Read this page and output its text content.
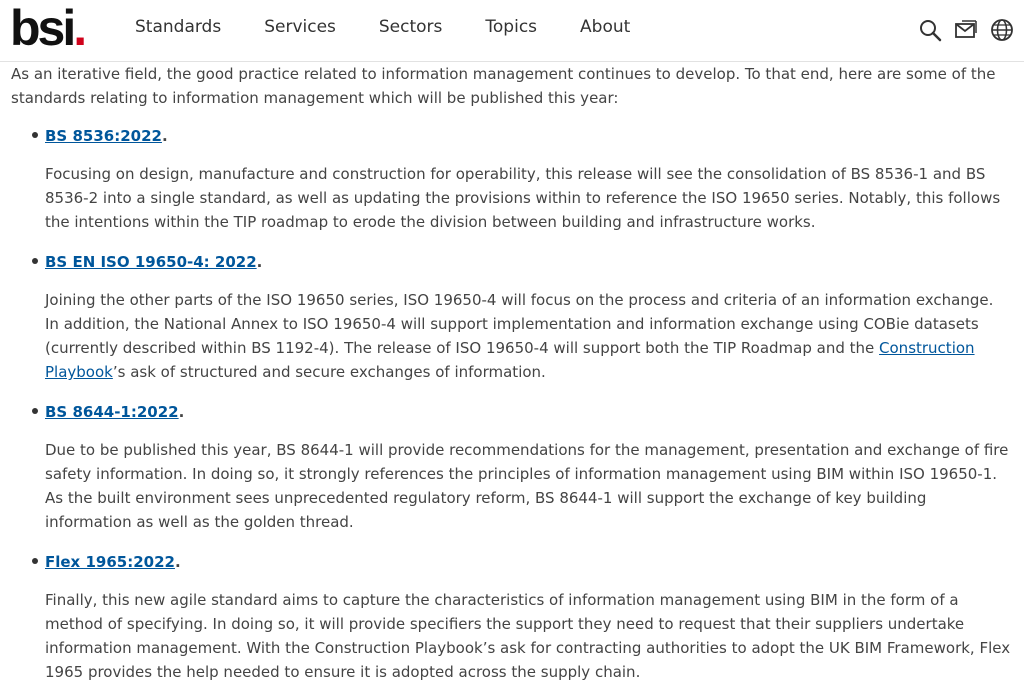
bsi.	Standards	Services	Sectors	Topics	About

As an iterative field, the good practice related to information management continues to develop. To that end, here are some of the standards relating to information management which will be published this year:

BS 8536:2022.

Focusing on design, manufacture and construction for operability, this release will see the consolidation of BS 8536-1 and BS 8536-2 into a single standard, as well as updating the provisions within to reference the ISO 19650 series. Notably, this follows the intentions within the TIP roadmap to erode the division between building and infrastructure works.

BS EN ISO 19650-4: 2022.

Joining the other parts of the ISO 19650 series, ISO 19650-4 will focus on the process and criteria of an information exchange. In addition, the National Annex to ISO 19650-4 will support implementation and information exchange using COBie datasets (currently described within BS 1192-4). The release of ISO 19650-4 will support both the TIP Roadmap and the Construction Playbook’s ask of structured and secure exchanges of information.

BS 8644-1:2022.

Due to be published this year, BS 8644-1 will provide recommendations for the management, presentation and exchange of fire safety information. In doing so, it strongly references the principles of information management using BIM within ISO 19650-1. As the built environment sees unprecedented regulatory reform, BS 8644-1 will support the exchange of key building information as well as the golden thread.

Flex 1965:2022.

Finally, this new agile standard aims to capture the characteristics of information management using BIM in the form of a method of specifying. In doing so, it will provide specifiers the support they need to request that their suppliers undertake information management. With the Construction Playbook’s ask for contracting authorities to adopt the UK BIM Framework, Flex 1965 provides the help needed to ensure it is adopted across the supply chain.
